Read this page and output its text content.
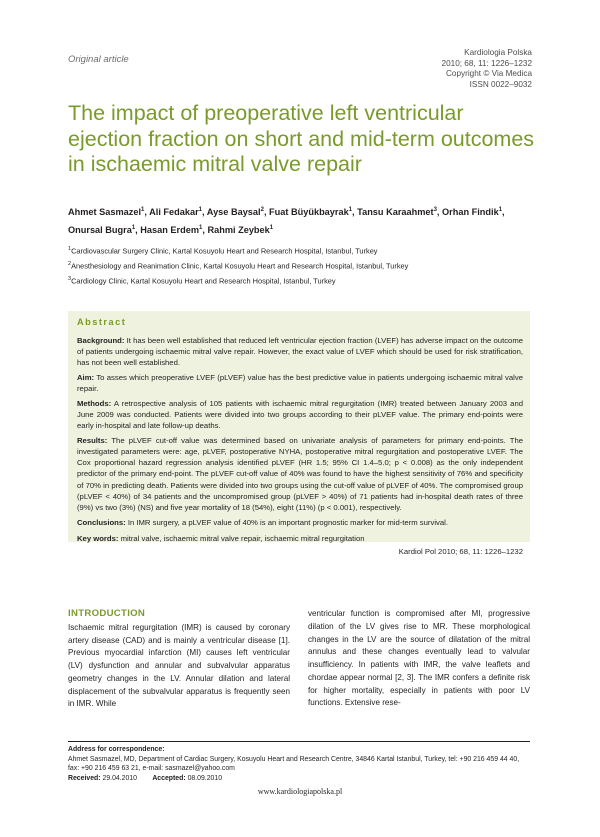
Original article
Kardiologia Polska
2010; 68, 11: 1226–1232
Copyright © Via Medica
ISSN 0022–9032
The impact of preoperative left ventricular ejection fraction on short and mid-term outcomes in ischaemic mitral valve repair
Ahmet Sasmazel$^1$, Ali Fedakar$^1$, Ayse Baysal$^2$, Fuat Büyükbayrak$^1$, Tansu Karaahmet$^3$, Orhan Findik$^1$,
Onursal Bugra$^1$, Hasan Erdem$^1$, Rahmi Zeybek$^1$
$^1$Cardiovascular Surgery Clinic, Kartal Kosuyolu Heart and Research Hospital, Istanbul, Turkey
$^2$Anesthesiology and Reanimation Clinic, Kartal Kosuyolu Heart and Research Hospital, Istanbul, Turkey
$^3$Cardiology Clinic, Kartal Kosuyolu Heart and Research Hospital, Istanbul, Turkey
Abstract

Background: It has been well established that reduced left ventricular ejection fraction (LVEF) has adverse impact on the outcome of patients undergoing ischaemic mitral valve repair. However, the exact value of LVEF which should be used for risk stratification, has not been well established.

Aim: To asses which preoperative LVEF (pLVEF) value has the best predictive value in patients undergoing ischaemic mitral valve repair.

Methods: A retrospective analysis of 105 patients with ischaemic mitral regurgitation (IMR) treated between January 2003 and June 2009 was conducted. Patients were divided into two groups according to their pLVEF value. The primary end-points were early in-hospital and late follow-up deaths.

Results: The pLVEF cut-off value was determined based on univariate analysis of parameters for primary end-points. The investigated parameters were: age, pLVEF, postoperative NYHA, postoperative mitral regurgitation and postoperative LVEF. The Cox proportional hazard regression analysis identified pLVEF (HR 1.5; 95% CI 1.4–5.0; p < 0.008) as the only independent predictor of the primary end-point. The pLVEF cut-off value of 40% was found to have the highest sensitivity of 76% and specificity of 70% in predicting death. Patients were divided into two groups using the cut-off value of pLVEF of 40%. The compromised group (pLVEF < 40%) of 34 patients and the uncompromised group (pLVEF > 40%) of 71 patients had in-hospital death rates of three (9%) vs two (3%) (NS) and five year mortality of 18 (54%), eight (11%) (p < 0.001), respectively.

Conclusions: In IMR surgery, a pLVEF value of 40% is an important prognostic marker for mid-term survival.

Key words: mitral valve, ischaemic mitral valve repair, ischaemic mitral regurgitation
Kardiol Pol 2010; 68, 11: 1226–1232

INTRODUCTION
Ischaemic mitral regurgitation (IMR) is caused by coronary artery disease (CAD) and is mainly a ventricular disease [1]. Previous myocardial infarction (MI) causes left ventricular (LV) dysfunction and annular and subvalvular apparatus geometry changes in the LV. Annular dilation and lateral displacement of the subvalvular apparatus is frequently seen in IMR. While
ventricular function is compromised after MI, progressive dilation of the LV gives rise to MR. These morphological changes in the LV are the source of dilatation of the mitral annulus and these changes eventually lead to valvular insufficiency. In patients with IMR, the valve leaflets and chordae appear normal [2, 3]. The IMR confers a definite risk for higher mortality, especially in patients with poor LV functions. Extensive rese-
Address for correspondence:
Ahmet Sasmazel, MD, Department of Cardiac Surgery, Kosuyolu Heart and Research Centre, 34846 Kartal Istanbul, Turkey, tel: +90 216 459 44 40,
fax: +90 216 459 63 21, e-mail: sasmazel@yahoo.com
Received: 29.04.2010 Accepted: 08.09.2010
www.kardiologiapolska.pl
